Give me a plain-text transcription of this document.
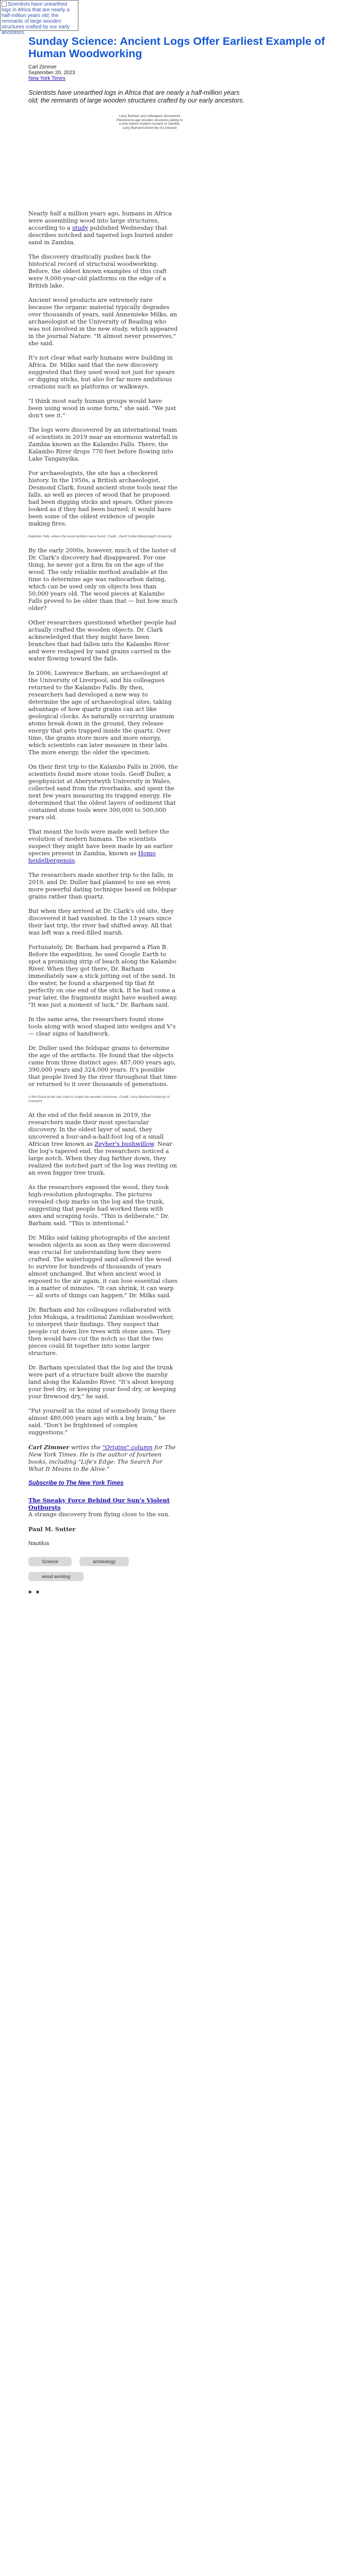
Scientists have unearthed logs in Africa that are nearly a half-million years old; the remnants of large wooden structures crafted by our early ancestors.
Sunday Science: Ancient Logs Offer Earliest Example of Human Woodworking
Carl Zimmer
September 20, 2023
New York Times

Scientists have unearthed logs in Africa that are nearly a half-million years old; the remnants of large wooden structures crafted by our early ancestors.

Larry Barham and colleagues discovered Pleistocene-age wooden structures dating to a time before modern humans in Zambia. Larry Barham/University of Liverpool

Nearly half a million years ago, humans in Africa were assembling wood into large structures, according to a study published Wednesday that describes notched and tapered logs buried under sand in Zambia.

The discovery drastically pushes back the historical record of structural woodworking. Before, the oldest known examples of this craft were 9,000-year-old platforms on the edge of a British lake.

Ancient wood products are extremely rare because the organic material typically degrades over thousands of years, said Annemieke Milks, an archaeologist at the University of Reading who was not involved in the new study, which appeared in the journal Nature. "It almost never preserves," she said.

It's not clear what early humans were building in Africa. Dr. Milks said that the new discovery suggested that they used wood not just for spears or digging sticks, but also for far more ambitious creations such as platforms or walkways.

"I think most early human groups would have been using wood in some form," she said. "We just don't see it."

The logs were discovered by an international team of scientists in 2019 near an enormous waterfall in Zambia known as the Kalambo Falls. There, the Kalambo River drops 770 feet before flowing into Lake Tanganyika.

For archaeologists, the site has a checkered history. In the 1950s, a British archaeologist, Desmond Clark, found ancient stone tools near the falls, as well as pieces of wood that he proposed had been digging sticks and spears. Other pieces looked as if they had been burned; it would have been some of the oldest evidence of people making fires.

Kalambo Falls, where the wood artifacts were found. Credit...Geoff Duller/Aberystwyth University

By the early 2000s, however, much of the luster of Dr. Clark's discovery had disappeared. For one thing, he never got a firm fix on the age of the wood. The only reliable method available at the time to determine age was radiocarbon dating, which can be used only on objects less than 50,000 years old. The wood pieces at Kalambo Falls proved to be older than that — but how much older?

Other researchers questioned whether people had actually crafted the wooden objects. Dr. Clark acknowledged that they might have been branches that had fallen into the Kalambo River and were reshaped by sand grains carried in the water flowing toward the falls.

In 2006, Lawrence Barham, an archaeologist at the University of Liverpool, and his colleagues returned to the Kalambo Falls. By then, researchers had developed a new way to determine the age of archaeological sites, taking advantage of how quartz grains can act like geological clocks. As naturally occurring uranium atoms break down in the ground, they release energy that gets trapped inside the quartz. Over time, the grains store more and more energy, which scientists can later measure in their labs. The more energy, the older the specimen.

On their first trip to the Kalambo Falls in 2006, the scientists found more stone tools. Geoff Duller, a geophysicist at Aberystwyth University in Wales, collected sand from the riverbanks, and spent the next few years measuring its trapped energy. He determined that the oldest layers of sediment that contained stone tools were 300,000 to 500,000 years old.

That meant the tools were made well before the evolution of modern humans. The scientists suspect they might have been made by an earlier species present in Zambia, known as Homo heidelbergensis.

The researchers made another trip to the falls, in 2019, and Dr. Duller had planned to use an even more powerful dating technique based on feldspar grains rather than quartz.

But when they arrived at Dr. Clark's old site, they discovered it had vanished. In the 13 years since their last trip, the river had shifted away. All that was left was a reed-filled marsh.

Fortunately, Dr. Barham had prepared a Plan B. Before the expedition, he used Google Earth to spot a promising strip of beach along the Kalambo River. When they got there, Dr. Barham immediately saw a stick jutting out of the sand. In the water, he found a sharpened tip that fit perfectly on one end of the stick. If he had come a year later, the fragments might have washed away. "It was just a moment of luck," Dr. Barham said.

In the same area, the researchers found stone tools along with wood shaped into wedges and V's — clear signs of handiwork.

Dr. Duller used the feldspar grains to determine the age of the artifacts. He found that the objects came from three distinct ages: 487,000 years ago, 390,000 years and 324,000 years. It's possible that people lived by the river throughout that time or returned to it over thousands of generations.

A flint found at the site used to shape the wooden structures. Credit: Larry Barham/University of Liverpool

At the end of the field season in 2019, the researchers made their most spectacular discovery. In the oldest layer of sand, they uncovered a four-and-a-half-foot log of a small African tree known as Zeyher's bushwillow. Near the log's tapered end, the researchers noticed a large notch. When they dug farther down, they realized the notched part of the log was resting on an even bigger tree trunk.

As the researchers exposed the wood, they took high-resolution photographs. The pictures revealed chop marks on the log and the trunk, suggesting that people had worked them with axes and scraping tools. "This is deliberate," Dr. Barham said. "This is intentional."

Dr. Milks said taking photographs of the ancient wooden objects as soon as they were discovered was crucial for understanding how they were crafted. The waterlogged sand allowed the wood to survive for hundreds of thousands of years almost unchanged. But when ancient wood is exposed to the air again, it can lose essential clues in a matter of minutes. "It can shrink, it can warp — all sorts of things can happen," Dr. Milks said.

Dr. Barham and his colleagues collaborated with John Mukupa, a traditional Zambian woodworker, to interpret their findings. They suspect that people cut down live trees with stone axes. They then would have cut the notch so that the two pieces could fit together into some larger structure.

Dr. Barham speculated that the log and the trunk were part of a structure built above the marshy land along the Kalambo River. "It's about keeping your feet dry, or keeping your food dry, or keeping your firewood dry," he said.

"Put yourself in the mind of somebody living there almost 480,000 years ago with a big brain," he said. "Don't be frightened of complex suggestions."

Carl Zimmer writes the "Origins" column for The New York Times. He is the author of fourteen books, including "Life's Edge: The Search For What It Means to Be Alive."

Subscribe to The New York Times
The Sneaky Force Behind Our Sun's Violent Outbursts

A strange discovery from flying close to the sun.

Paul M. Sutter

Nautilus

Science	archeology wood working
■ ■
